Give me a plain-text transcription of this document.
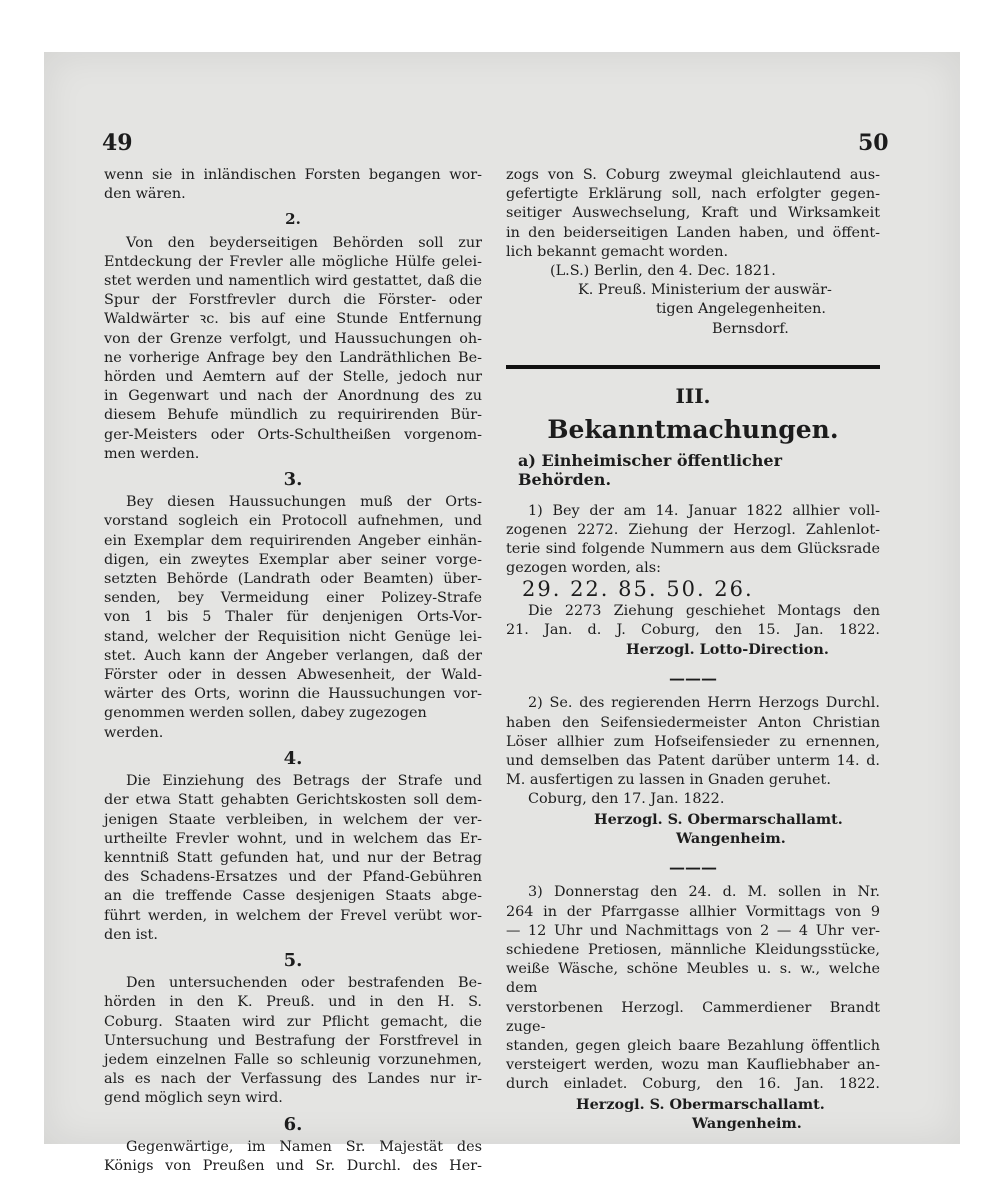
49	50

wenn sie in inländischen Forsten begangen wor-

den wären.

2.

Von den beyderseitigen Behörden soll zur

Entdeckung der Frevler alle mögliche Hülfe gelei-

stet werden und namentlich wird gestattet, daß die

Spur der Forstfrevler durch die Förster- oder

Waldwärter ꝛc. bis auf eine Stunde Entfernung

von der Grenze verfolgt, und Haussuchungen oh-

ne vorherige Anfrage bey den Landräthlichen Be-

hörden und Aemtern auf der Stelle, jedoch nur

in Gegenwart und nach der Anordnung des zu

diesem Behufe mündlich zu requirirenden Bür-

ger-Meisters oder Orts-Schultheißen vorgenom-

men werden.

3.

Bey diesen Haussuchungen muß der Orts-

vorstand sogleich ein Protocoll aufnehmen, und

ein Exemplar dem requirirenden Angeber einhän-

digen, ein zweytes Exemplar aber seiner vorge-

setzten Behörde (Landrath oder Beamten) über-

senden, bey Vermeidung einer Polizey-Strafe

von 1 bis 5 Thaler für denjenigen Orts-Vor-

stand, welcher der Requisition nicht Genüge lei-

stet. Auch kann der Angeber verlangen, daß der

Förster oder in dessen Abwesenheit, der Wald-

wärter des Orts, worinn die Haussuchungen vor-

genommen werden sollen, dabey zugezogen werden.

4.

Die Einziehung des Betrags der Strafe und

der etwa Statt gehabten Gerichtskosten soll dem-

jenigen Staate verbleiben, in welchem der ver-

urtheilte Frevler wohnt, und in welchem das Er-

kenntniß Statt gefunden hat, und nur der Betrag

des Schadens-Ersatzes und der Pfand-Gebühren

an die treffende Casse desjenigen Staats abge-

führt werden, in welchem der Frevel verübt wor-

den ist.

5.

Den untersuchenden oder bestrafenden Be-

hörden in den K. Preuß. und in den H. S.

Coburg. Staaten wird zur Pflicht gemacht, die

Untersuchung und Bestrafung der Forstfrevel in

jedem einzelnen Falle so schleunig vorzunehmen,

als es nach der Verfassung des Landes nur ir-

gend möglich seyn wird.

6.

Gegenwärtige, im Namen Sr. Majestät des

Königs von Preußen und Sr. Durchl. des Her-

zogs von S. Coburg zweymal gleichlautend aus-

gefertigte Erklärung soll, nach erfolgter gegen-

seitiger Auswechselung, Kraft und Wirksamkeit

in den beiderseitigen Landen haben, und öffent-

lich bekannt gemacht worden.

(L.S.) Berlin, den 4. Dec. 1821.

K. Preuß. Ministerium der auswär-

tigen Angelegenheiten.

Bernsdorf.

III.
Bekanntmachungen.
a) Einheimischer öffentlicher Behörden.

1) Bey der am 14. Januar 1822 allhier voll-

zogenen 2272. Ziehung der Herzogl. Zahlenlot-

terie sind folgende Nummern aus dem Glücksrade

gezogen worden, als:

29. 22. 85. 50. 26.

Die 2273 Ziehung geschiehet Montags den

21. Jan. d. J. Coburg, den 15. Jan. 1822.

Herzogl. Lotto-Direction.

———

2) Se. des regierenden Herrn Herzogs Durchl.

haben den Seifensiedermeister Anton Christian

Löser allhier zum Hofseifensieder zu ernennen,

und demselben das Patent darüber unterm 14. d.

M. ausfertigen zu lassen in Gnaden geruhet.

Coburg, den 17. Jan. 1822.

Herzogl. S. Obermarschallamt.

Wangenheim.

———

3) Donnerstag den 24. d. M. sollen in Nr.

264 in der Pfarrgasse allhier Vormittags von 9

— 12 Uhr und Nachmittags von 2 — 4 Uhr ver-

schiedene Pretiosen, männliche Kleidungsstücke,

weiße Wäsche, schöne Meubles u. s. w., welche dem

verstorbenen Herzogl. Cammerdiener Brandt zuge-

standen, gegen gleich baare Bezahlung öffentlich

versteigert werden, wozu man Kaufliebhaber an-

durch einladet. Coburg, den 16. Jan. 1822.

Herzogl. S. Obermarschallamt.

Wangenheim.
